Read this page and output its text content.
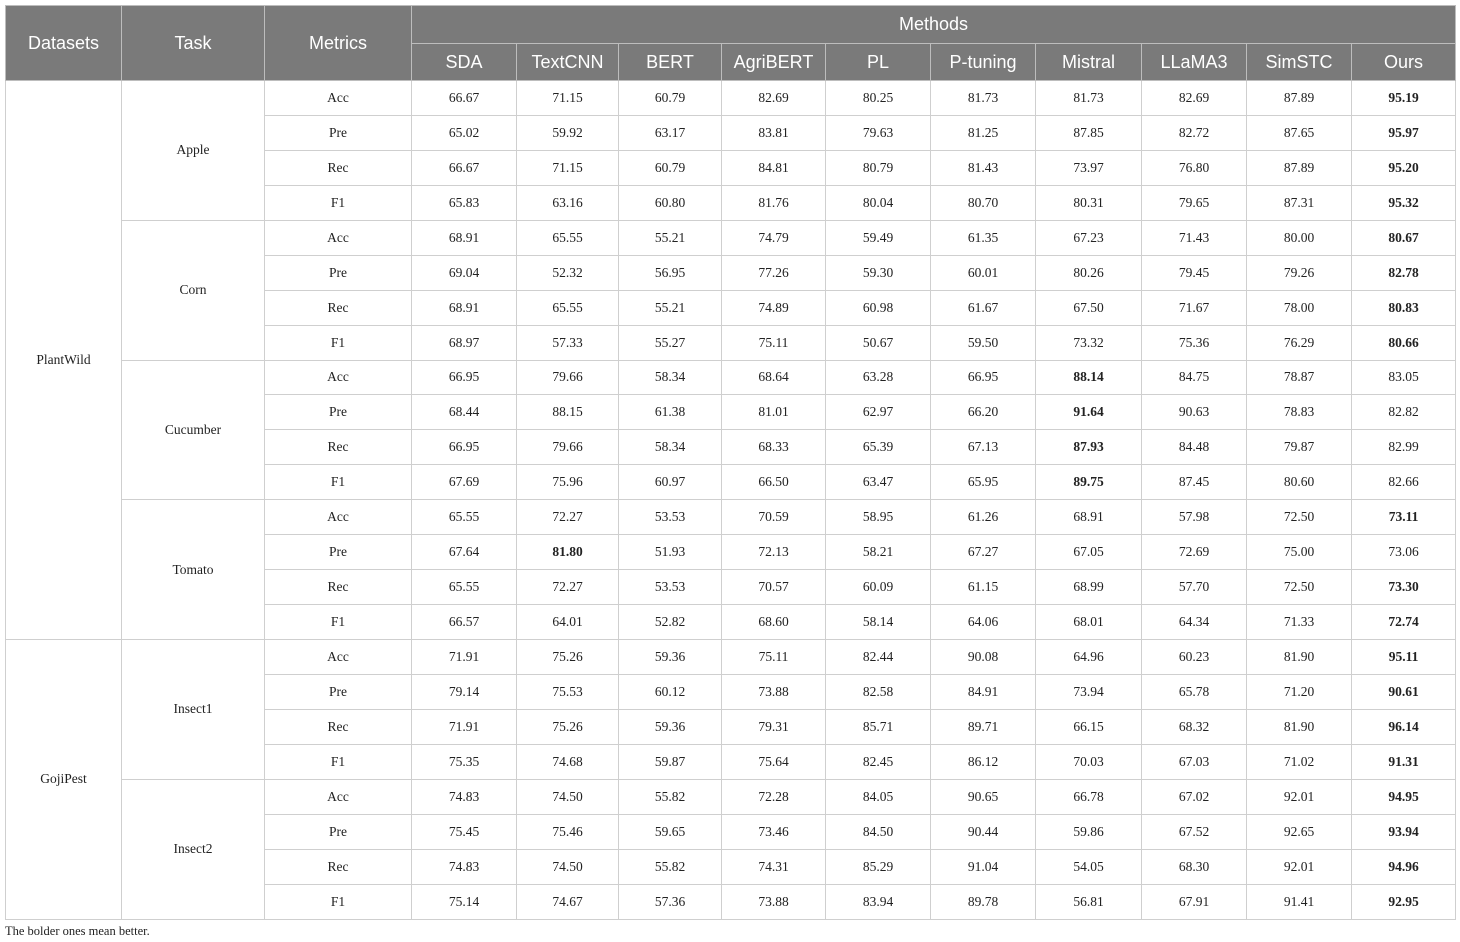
Datasets	Task	Metrics	Methods									
			SDA	TextCNN	BERT	AgriBERT	PL	P-tuning	Mistral	LLaMA3	SimSTC	Ours
PlantWild	Apple	Acc	66.67	71.15	60.79	82.69	80.25	81.73	81.73	82.69	87.89	95.19
		Pre	65.02	59.92	63.17	83.81	79.63	81.25	87.85	82.72	87.65	95.97
		Rec	66.67	71.15	60.79	84.81	80.79	81.43	73.97	76.80	87.89	95.20
		F1	65.83	63.16	60.80	81.76	80.04	80.70	80.31	79.65	87.31	95.32
	Corn	Acc	68.91	65.55	55.21	74.79	59.49	61.35	67.23	71.43	80.00	80.67
		Pre	69.04	52.32	56.95	77.26	59.30	60.01	80.26	79.45	79.26	82.78
		Rec	68.91	65.55	55.21	74.89	60.98	61.67	67.50	71.67	78.00	80.83
		F1	68.97	57.33	55.27	75.11	50.67	59.50	73.32	75.36	76.29	80.66
	Cucumber	Acc	66.95	79.66	58.34	68.64	63.28	66.95	88.14	84.75	78.87	83.05
		Pre	68.44	88.15	61.38	81.01	62.97	66.20	91.64	90.63	78.83	82.82
		Rec	66.95	79.66	58.34	68.33	65.39	67.13	87.93	84.48	79.87	82.99
		F1	67.69	75.96	60.97	66.50	63.47	65.95	89.75	87.45	80.60	82.66
	Tomato	Acc	65.55	72.27	53.53	70.59	58.95	61.26	68.91	57.98	72.50	73.11
		Pre	67.64	81.80	51.93	72.13	58.21	67.27	67.05	72.69	75.00	73.06
		Rec	65.55	72.27	53.53	70.57	60.09	61.15	68.99	57.70	72.50	73.30
		F1	66.57	64.01	52.82	68.60	58.14	64.06	68.01	64.34	71.33	72.74
GojiPest	Insect1	Acc	71.91	75.26	59.36	75.11	82.44	90.08	64.96	60.23	81.90	95.11
		Pre	79.14	75.53	60.12	73.88	82.58	84.91	73.94	65.78	71.20	90.61
		Rec	71.91	75.26	59.36	79.31	85.71	89.71	66.15	68.32	81.90	96.14
		F1	75.35	74.68	59.87	75.64	82.45	86.12	70.03	67.03	71.02	91.31
	Insect2	Acc	74.83	74.50	55.82	72.28	84.05	90.65	66.78	67.02	92.01	94.95
		Pre	75.45	75.46	59.65	73.46	84.50	90.44	59.86	67.52	92.65	93.94
		Rec	74.83	74.50	55.82	74.31	85.29	91.04	54.05	68.30	92.01	94.96
		F1	75.14	74.67	57.36	73.88	83.94	89.78	56.81	67.91	91.41	92.95
The bolder ones mean better.
